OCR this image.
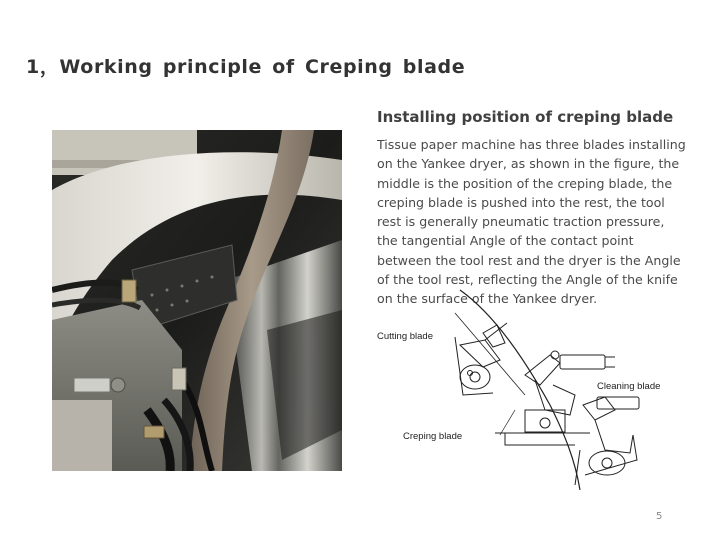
1，Working principle of Creping blade
Installing position of creping blade
Tissue paper machine has three blades installing on the Yankee dryer, as shown in the figure, the middle is the position of the creping blade, the creping blade is pushed into the rest, the tool rest is generally pneumatic traction pressure, the tangential Angle of the contact point between the tool rest and the dryer is the Angle of the tool rest, reflecting the Angle of the knife on the surface of the Yankee dryer.
Cutting blade
Cleaning blade
Creping blade
5
